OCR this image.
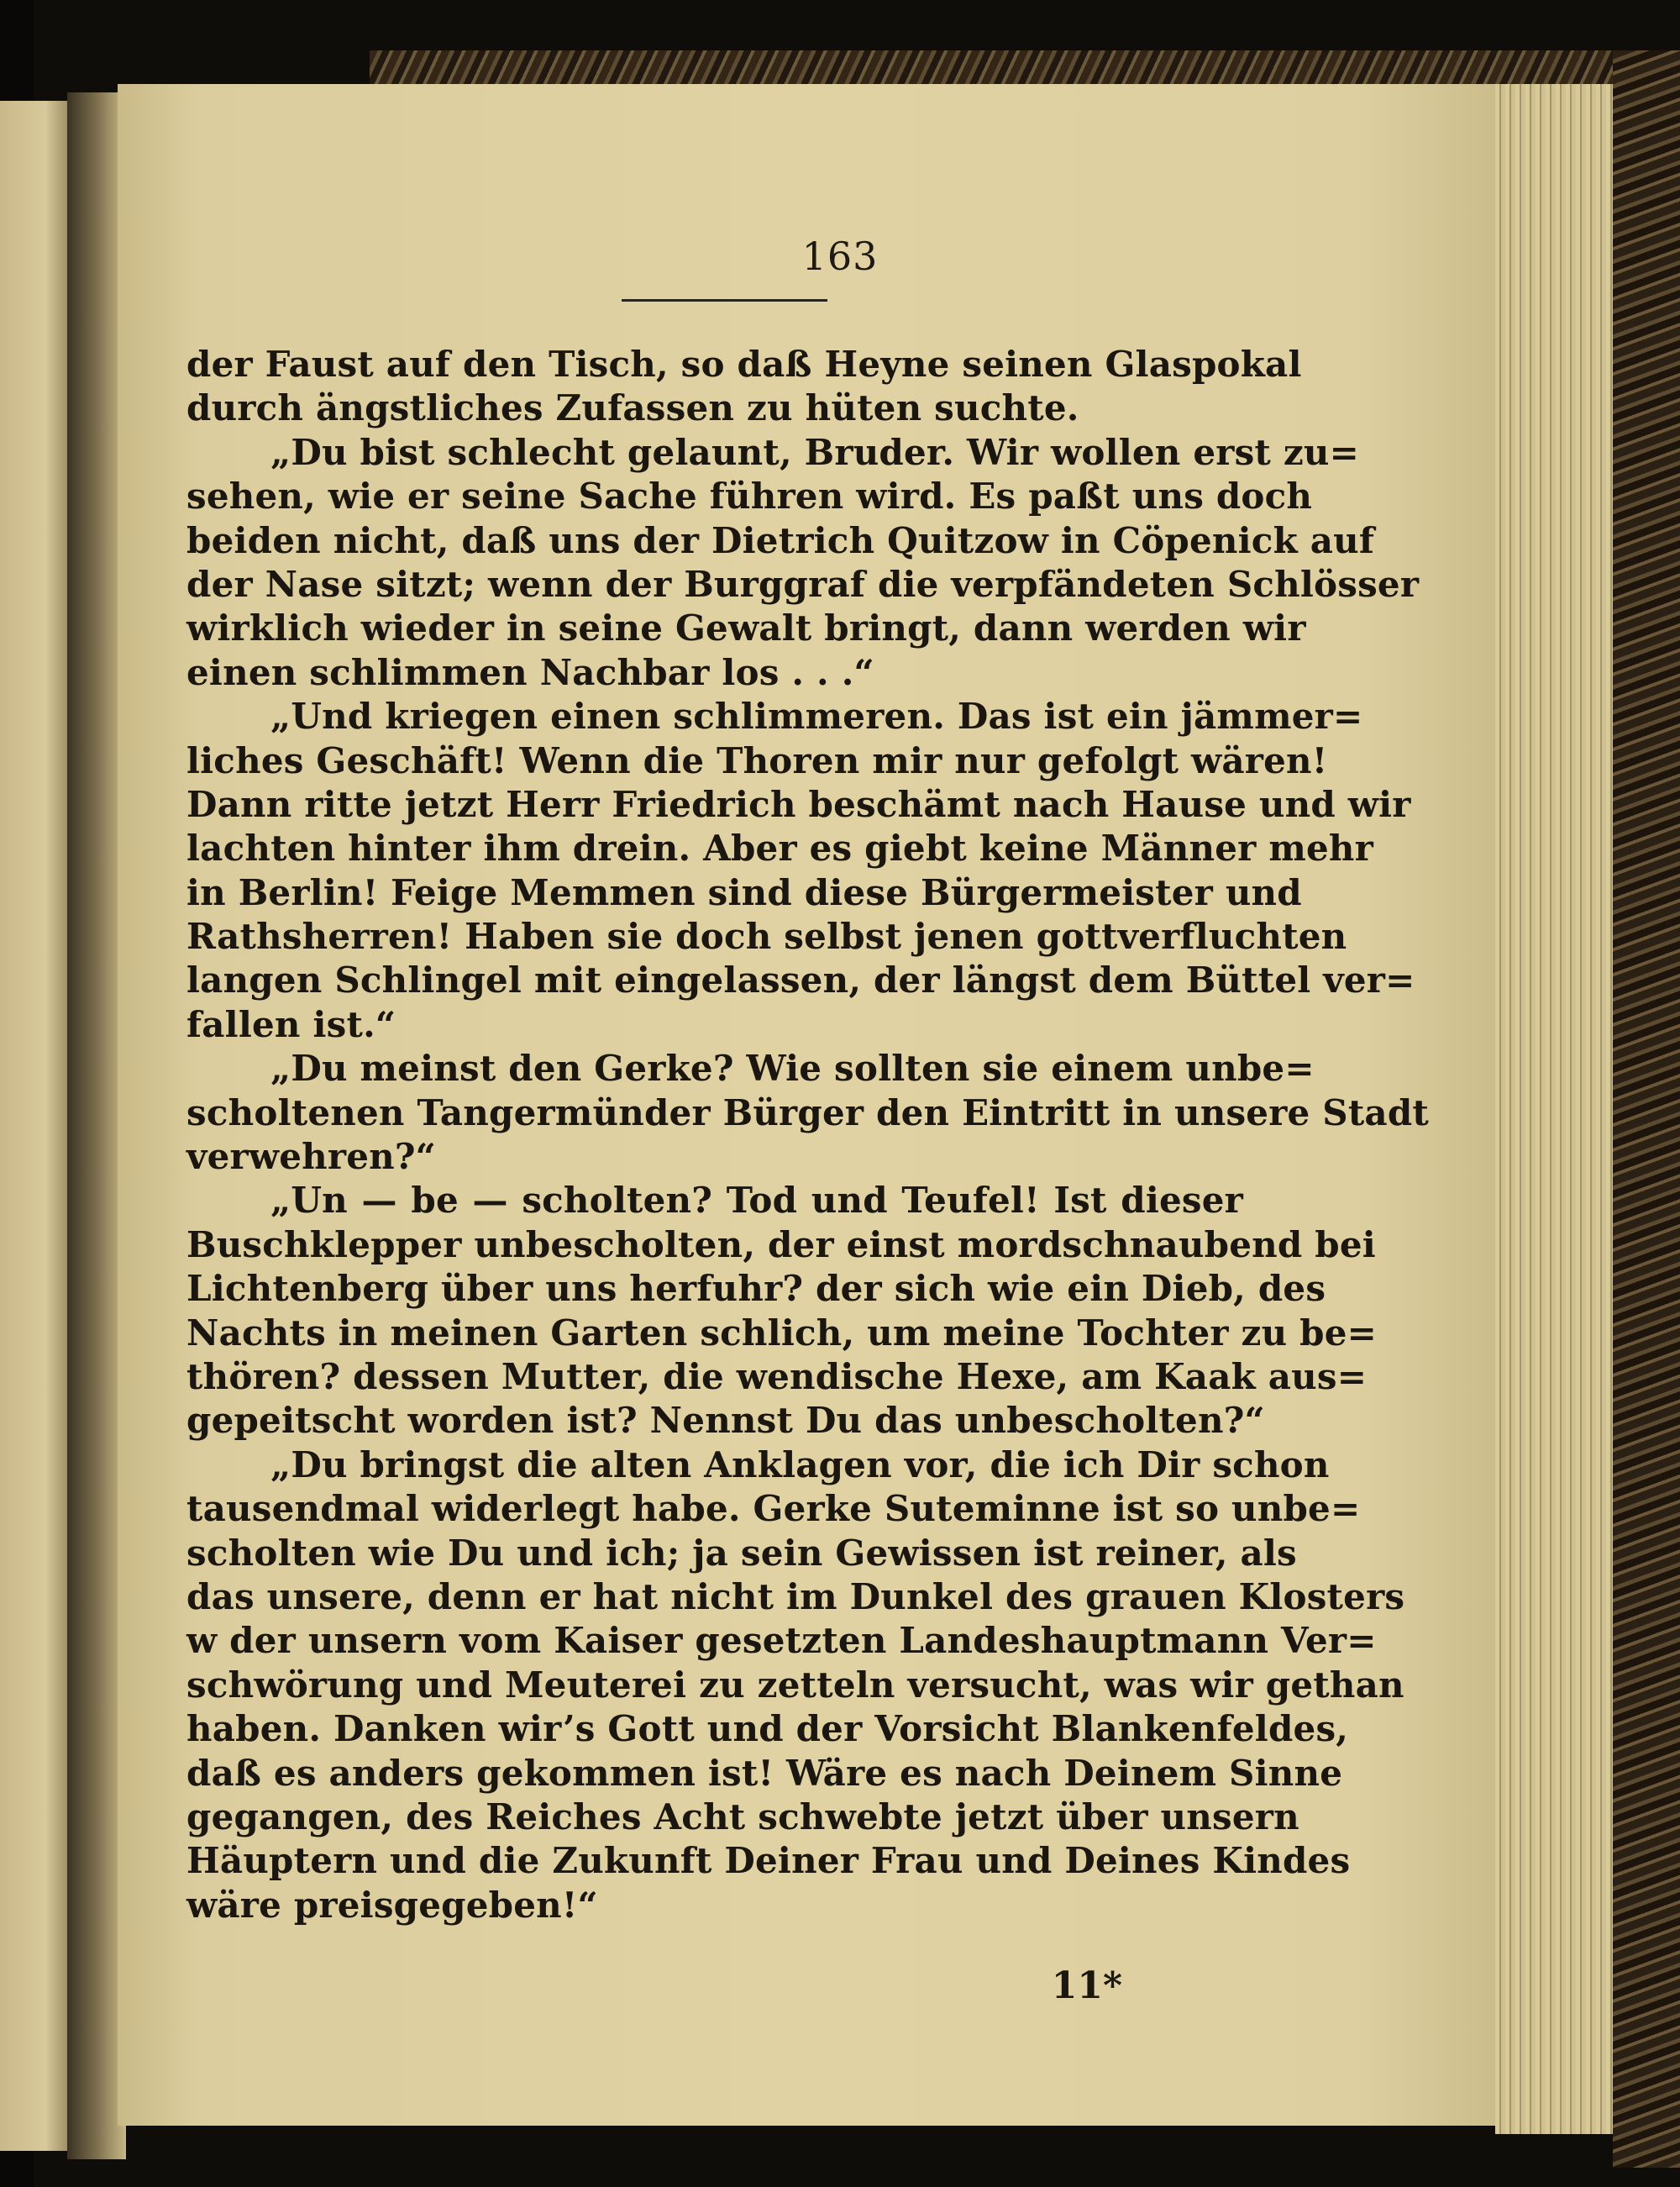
163
der Faust auf den Tisch, so daß Heyne seinen Glaspokal
durch ängstliches Zufassen zu hüten suchte.
„Du bist schlecht gelaunt, Bruder. Wir wollen erst zu=
sehen, wie er seine Sache führen wird. Es paßt uns doch
beiden nicht, daß uns der Dietrich Quitzow in Cöpenick auf
der Nase sitzt; wenn der Burggraf die verpfändeten Schlösser
wirklich wieder in seine Gewalt bringt, dann werden wir
einen schlimmen Nachbar los . . .“
„Und kriegen einen schlimmeren. Das ist ein jämmer=
liches Geschäft! Wenn die Thoren mir nur gefolgt wären!
Dann ritte jetzt Herr Friedrich beschämt nach Hause und wir
lachten hinter ihm drein. Aber es giebt keine Männer mehr
in Berlin! Feige Memmen sind diese Bürgermeister und
Rathsherren! Haben sie doch selbst jenen gottverfluchten
langen Schlingel mit eingelassen, der längst dem Büttel ver=
fallen ist.“
„Du meinst den Gerke? Wie sollten sie einem unbe=
scholtenen Tangermünder Bürger den Eintritt in unsere Stadt
verwehren?“
„Un — be — scholten? Tod und Teufel! Ist dieser
Buschklepper unbescholten, der einst mordschnaubend bei
Lichtenberg über uns herfuhr? der sich wie ein Dieb, des
Nachts in meinen Garten schlich, um meine Tochter zu be=
thören? dessen Mutter, die wendische Hexe, am Kaak aus=
gepeitscht worden ist? Nennst Du das unbescholten?“
„Du bringst die alten Anklagen vor, die ich Dir schon
tausendmal widerlegt habe. Gerke Suteminne ist so unbe=
scholten wie Du und ich; ja sein Gewissen ist reiner, als
das unsere, denn er hat nicht im Dunkel des grauen Klosters
w der unsern vom Kaiser gesetzten Landeshauptmann Ver=
schwörung und Meuterei zu zetteln versucht, was wir gethan
haben. Danken wir’s Gott und der Vorsicht Blankenfeldes,
daß es anders gekommen ist! Wäre es nach Deinem Sinne
gegangen, des Reiches Acht schwebte jetzt über unsern
Häuptern und die Zukunft Deiner Frau und Deines Kindes
wäre preisgegeben!“
11*
